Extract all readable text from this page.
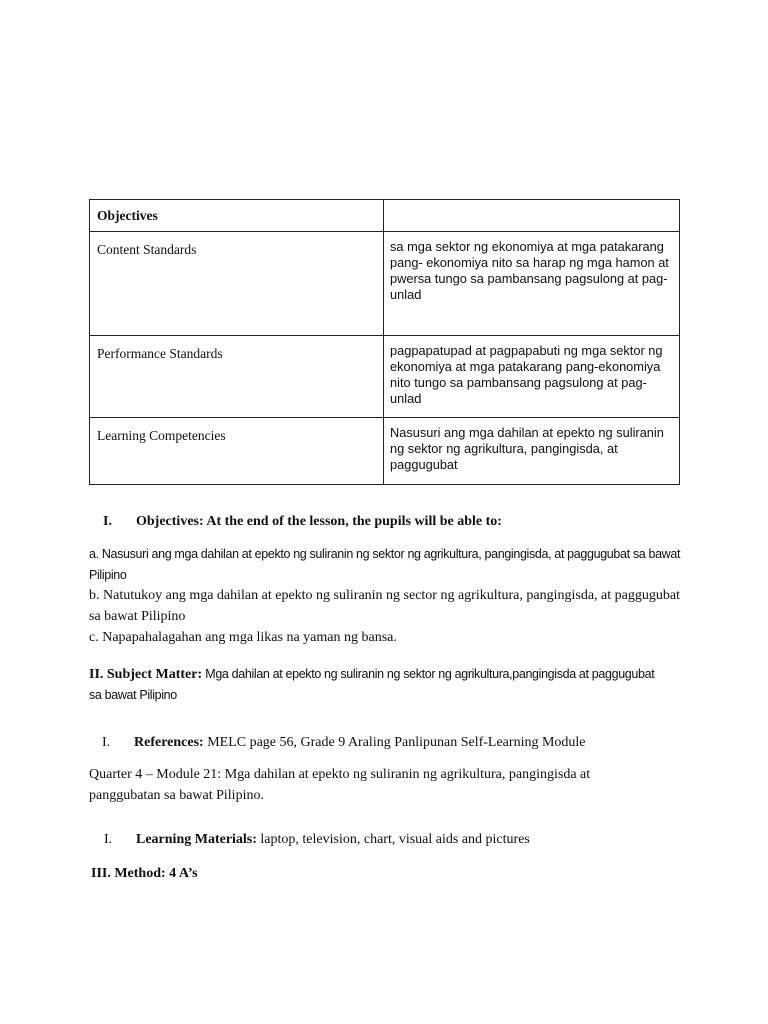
Objectives	
Content Standards	sa mga sektor ng ekonomiya at mga patakarang pang- ekonomiya nito sa harap ng mga hamon at pwersa tungo sa pambansang pagsulong at pag-unlad
Performance Standards	pagpapatupad at pagpapabuti ng mga sektor ng ekonomiya at mga patakarang pang-ekonomiya nito tungo sa pambansang pagsulong at pag-unlad
Learning Competencies	Nasusuri ang mga dahilan at epekto ng suliranin ng sektor ng agrikultura, pangingisda, at paggugubat
I. Objectives: At the end of the lesson, the pupils will be able to:
a. Nasusuri ang mga dahilan at epekto ng suliranin ng sektor ng agrikultura, pangingisda, at paggugubat sa bawat Pilipino
b. Natutukoy ang mga dahilan at epekto ng suliranin ng sector ng agrikultura, pangingisda, at paggugubat sa bawat Pilipino
c. Napapahalagahan ang mga likas na yaman ng bansa.
II. Subject Matter: Mga dahilan at epekto ng suliranin ng sektor ng agrikultura,pangingisda at paggugubat sa bawat Pilipino
I. References: MELC page 56, Grade 9 Araling Panlipunan Self-Learning Module
Quarter 4 – Module 21: Mga dahilan at epekto ng suliranin ng agrikultura, pangingisda at panggubatan sa bawat Pilipino.
I. Learning Materials: laptop, television, chart, visual aids and pictures
III. Method: 4 A’s
